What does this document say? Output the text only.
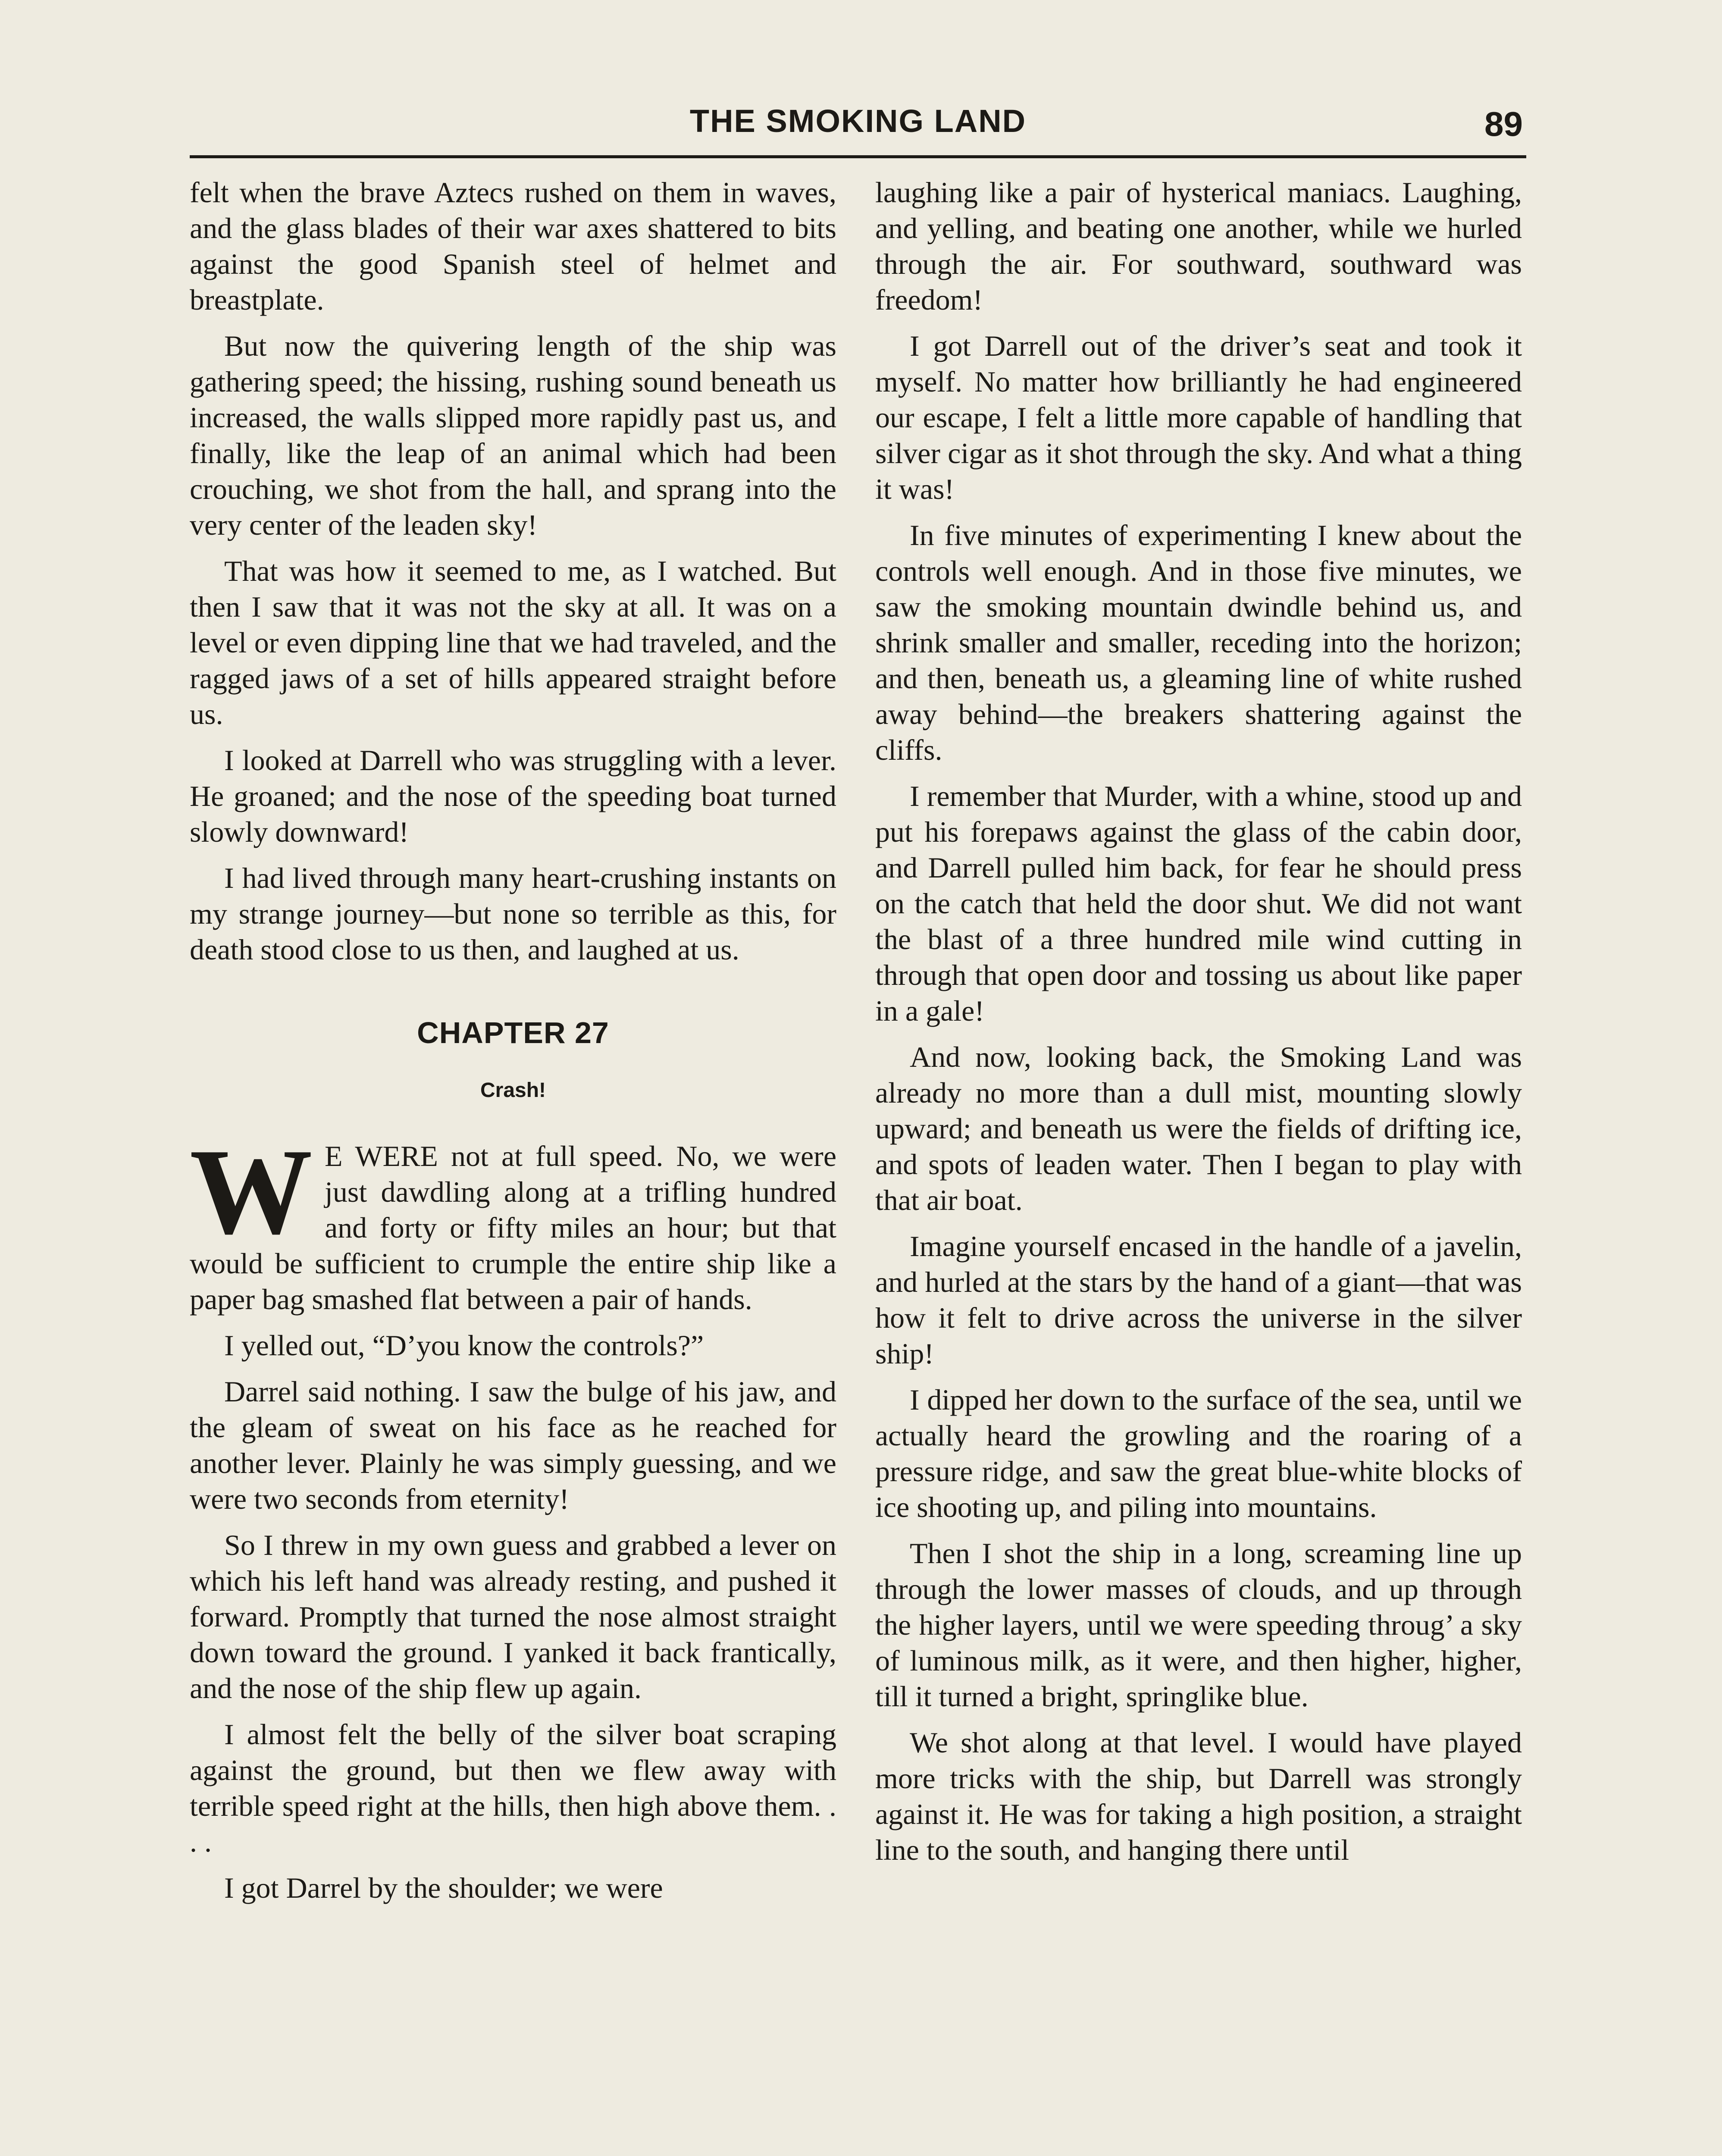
THE SMOKING LAND	89

felt when the brave Aztecs rushed on them in waves, and the glass blades of their war axes shattered to bits against the good Spanish steel of helmet and breastplate.

But now the quivering length of the ship was gathering speed; the hissing, rushing sound beneath us increased, the walls slipped more rapidly past us, and finally, like the leap of an animal which had been crouching, we shot from the hall, and sprang into the very center of the leaden sky!

That was how it seemed to me, as I watched. But then I saw that it was not the sky at all. It was on a level or even dipping line that we had traveled, and the ragged jaws of a set of hills appeared straight before us.

I looked at Darrell who was struggling with a lever. He groaned; and the nose of the speeding boat turned slowly downward!

I had lived through many heart-crushing instants on my strange journey—but none so terrible as this, for death stood close to us then, and laughed at us.

CHAPTER 27
Crash!

W E WERE not at full speed. No, we were just dawdling along at a trifling hundred and forty or fifty miles an hour; but that would be sufficient to crumple the entire ship like a paper bag smashed flat between a pair of hands.

I yelled out, “D’you know the controls?”

Darrel said nothing. I saw the bulge of his jaw, and the gleam of sweat on his face as he reached for another lever. Plainly he was simply guessing, and we were two seconds from eternity!

So I threw in my own guess and grabbed a lever on which his left hand was already resting, and pushed it forward. Promptly that turned the nose almost straight down toward the ground. I yanked it back frantically, and the nose of the ship flew up again.

I almost felt the belly of the silver boat scraping against the ground, but then we flew away with terrible speed right at the hills, then high above them. . . .

I got Darrel by the shoulder; we were

laughing like a pair of hysterical maniacs. Laughing, and yelling, and beating one another, while we hurled through the air. For southward, southward was freedom!

I got Darrell out of the driver’s seat and took it myself. No matter how brilliantly he had engineered our escape, I felt a little more capable of handling that silver cigar as it shot through the sky. And what a thing it was!

In five minutes of experimenting I knew about the controls well enough. And in those five minutes, we saw the smoking mountain dwindle behind us, and shrink smaller and smaller, receding into the horizon; and then, beneath us, a gleaming line of white rushed away behind—the breakers shattering against the cliffs.

I remember that Murder, with a whine, stood up and put his forepaws against the glass of the cabin door, and Darrell pulled him back, for fear he should press on the catch that held the door shut. We did not want the blast of a three hundred mile wind cutting in through that open door and tossing us about like paper in a gale!

And now, looking back, the Smoking Land was already no more than a dull mist, mounting slowly upward; and beneath us were the fields of drifting ice, and spots of leaden water. Then I began to play with that air boat.

Imagine yourself encased in the handle of a javelin, and hurled at the stars by the hand of a giant—that was how it felt to drive across the universe in the silver ship!

I dipped her down to the surface of the sea, until we actually heard the growling and the roaring of a pressure ridge, and saw the great blue-white blocks of ice shooting up, and piling into mountains.

Then I shot the ship in a long, screaming line up through the lower masses of clouds, and up through the higher layers, until we were speeding throug’ a sky of luminous milk, as it were, and then higher, higher, till it turned a bright, springlike blue.

We shot along at that level. I would have played more tricks with the ship, but Darrell was strongly against it. He was for taking a high position, a straight line to the south, and hanging there until
